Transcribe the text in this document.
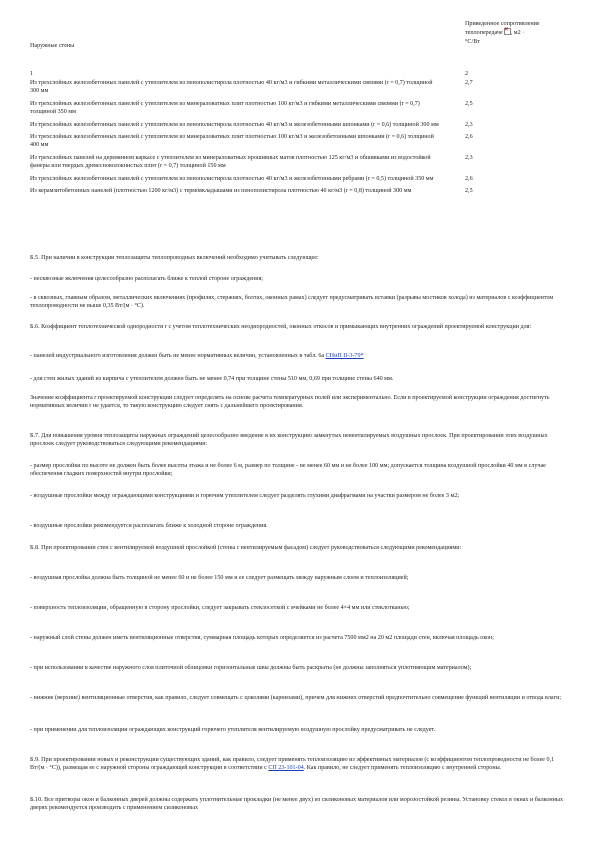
Наружные стены
Приведенное сопротивление
теплопередаче✕ , м2 ·
°С/Вт
1	2
Из трехслойных железобетонных панелей с утеплителем из пенополистирола плотностью 40 кг/м3 и гибкими металлическими связями (r = 0,7) толщиной 300 мм
2,7
Из трехслойных железобетонных панелей с утеплителем из минераловатных плит плотностью 100 кг/м3 и гибкими металлическими связями (r = 0,7) толщиной 350 мм
2,5
Из трехслойных железобетонных панелей с утеплителем из пенополистирола плотностью 40 кг/м3 и железобетонными шпонками (r = 0,6) толщиной 300 мм	2,3
Из трехслойных железобетонных панелей с утеплителем из минераловатных плит плотностью 100 кг/м3 и железобетонными шпонками (r = 0,6) толщиной 400 мм
2,6
Из трехслойных панелей на деревянном каркасе с утеплителем из минераловатных прошивных матов плотностью 125 кг/м3 и обшивками из водостойкой фанеры или твердых древесноволокнистых плит (r = 0,7) толщиной 150 мм
2,3
Из трехслойных железобетонных панелей с утеплителем из пенополистирола плотностью 40 кг/м3 и железобетонными ребрами (r = 0,5) толщиной 350 мм	2,6
Из керамзитобетонных панелей (плотностью 1200 кг/м3) с термовкладышами из пенополистирола плотностью 40 кг/м3 (r = 0,8) толщиной 300 мм	2,5
Б.5. При наличии в конструкции теплозащиты теплопроводных включений необходимо учитывать следующее:
- несквозные включения целесообразно располагать ближе к теплой стороне ограждения;
- в сквозных, главным образом, металлических включениях (профилях, стержнях, болтах, оконных рамах) следует предусматривать вставки (разрывы мостиков холода) из материалов с коэффициентом теплопроводности не выше 0,35 Вт/(м · °С).
Б.6. Коэффициент теплотехнической однородности r с учетом теплотехнических неоднородностей, оконных откосов и примыкающих внутренних ограждений проектируемой конструкции для:
- панелей индустриального изготовления должен быть не менее нормативных величин, установленных в табл. 6а СНиП II-3-79*
- для стен жилых зданий из кирпича с утеплителем должен быть не менее 0,74 при толщине стены 510 мм, 0,69 при толщине стены 640 мм.
Значение коэффициента r проектируемой конструкции следует определять на основе расчета температурных полей или экспериментально. Если в проектируемой конструкции ограждения достигнуть нормативных величин r не удается, то такую конструкцию следует снять с дальнейшего проектирования.
Б.7. Для повышения уровня теплозащиты наружных ограждений целесообразно введение в их конструкцию замкнутых невентилируемых воздушных прослоек. При проектировании этих воздушных прослоек следует руководствоваться следующими рекомендациями:
- размер прослойки по высоте не должен быть более высоты этажа и не более 6 м, размер по толщине - не менее 60 мм и не более 100 мм; допускается толщина воздушной прослойки 40 мм в случае обеспечения гладких поверхностей внутри прослойки;
- воздушные прослойки между ограждающими конструкциями и горючим утеплителем следует разделять глухими диафрагмами на участки размером не более 3 м2;
- воздушные прослойки рекомендуется располагать ближе к холодной стороне ограждения.
Б.8. При проектировании стен с вентилируемой воздушной прослойкой (стены с вентилируемым фасадом) следует руководствоваться следующими рекомендациями:
- воздушная прослойка должна быть толщиной не менее 60 и не более 150 мм и ее следует размещать между наружным слоем и теплоизоляцией;
- поверхность теплоизоляции, обращенную в сторону прослойки, следует закрывать стеклосеткой с ячейками не более 4×4 мм или стеклотканью;
- наружный слой стены должен иметь вентиляционные отверстия, суммарная площадь которых определяется из расчета 7500 мм2 на 20 м2 площади стен, включая площадь окон;
- при использовании в качестве наружного слоя плиточной облицовки горизонтальные швы должны быть раскрыты (не должны заполняться уплотняющим материалом);
- нижние (верхние) вентиляционные отверстия, как правило, следует совмещать с цоколями (карнизами), причем для нижних отверстий предпочтительно совмещение функций вентиляции и отвода влаги;
- при применении для теплоизоляции ограждающих конструкций горючего утеплителя вентилируемую воздушную прослойку предусматривать не следует.
Б.9. При проектировании новых и реконструкции существующих зданий, как правило, следует применять теплоизоляцию из эффективных материалов (с коэффициентом теплопроводности не более 0,1 Вт/(м · °С)), размещая ее с наружной стороны ограждающей конструкции в соответствии с СП 23-101-04. Как правило, не следует применять теплоизоляцию с внутренней стороны.
Б.10. Все притворы окон и балконных дверей должны содержать уплотнительные прокладки (не менее двух) из силиконовых материалов или морозостойкой резины. Установку стекол в окнах и балконных дверях рекомендуется производить с применением силиконовых
